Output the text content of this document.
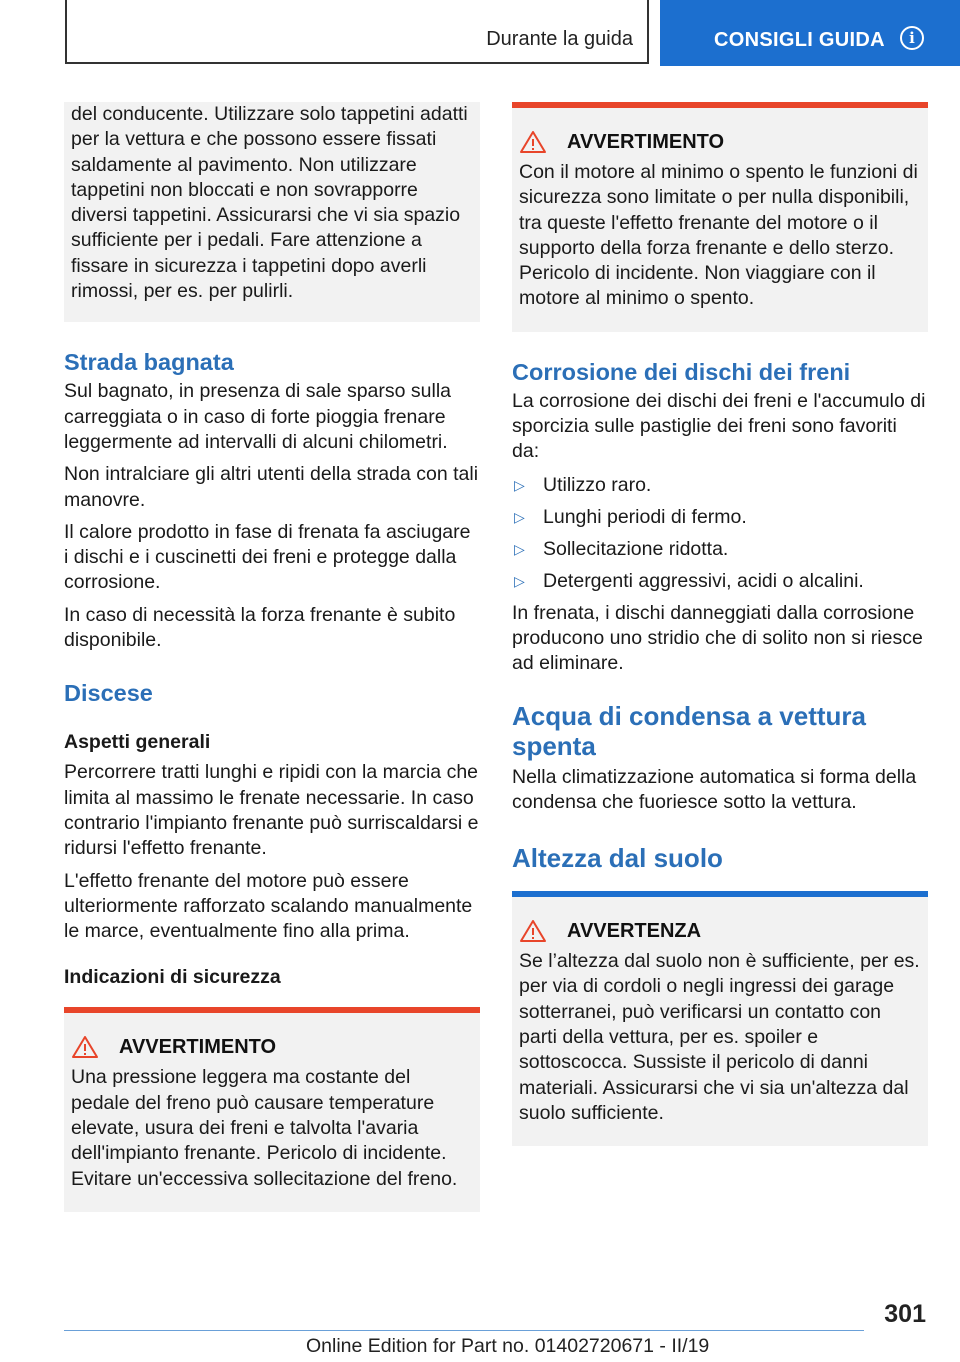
Durante la guida	CONSIGLI GUIDA	i

del conducente. Utilizzare solo tappetini adatti per la vettura e che possono essere fissati saldamente al pavimento. Non utilizzare tappetini non bloccati e non sovrapporre diversi tappetini. Assicurarsi che vi sia spazio sufficiente per i pedali. Fare attenzione a fissare in sicurezza i tappetini dopo averli rimossi, per es. per pulirli.

Strada bagnata

Sul bagnato, in presenza di sale sparso sulla carreggiata o in caso di forte pioggia frenare leggermente ad intervalli di alcuni chilometri.

Non intralciare gli altri utenti della strada con tali manovre.

Il calore prodotto in fase di frenata fa asciugare i dischi e i cuscinetti dei freni e protegge dalla corrosione.

In caso di necessità la forza frenante è subito disponibile.

Discese
Aspetti generali

Percorrere tratti lunghi e ripidi con la marcia che limita al massimo le frenate necessarie. In caso contrario l'impianto frenante può surriscaldarsi e ridursi l'effetto frenante.

L'effetto frenante del motore può essere ulteriormente rafforzato scalando manualmente le marce, eventualmente fino alla prima.

Indicazioni di sicurezza
AVVERTIMENTO

Una pressione leggera ma costante del pedale del freno può causare temperature elevate, usura dei freni e talvolta l'avaria dell'impianto frenante. Pericolo di incidente. Evitare un'eccessiva sollecitazione del freno.

AVVERTIMENTO

Con il motore al minimo o spento le funzioni di sicurezza sono limitate o per nulla disponibili, tra queste l'effetto frenante del motore o il supporto della forza frenante e dello sterzo. Pericolo di incidente. Non viaggiare con il motore al minimo o spento.

Corrosione dei dischi dei freni

La corrosione dei dischi dei freni e l'accumulo di sporcizia sulle pastiglie dei freni sono favoriti da:

▷ Utilizzo raro.
▷ Lunghi periodi di fermo.
▷ Sollecitazione ridotta.
▷ Detergenti aggressivi, acidi o alcalini.

In frenata, i dischi danneggiati dalla corrosione producono uno stridio che di solito non si riesce ad eliminare.

Acqua di condensa a vettura spenta

Nella climatizzazione automatica si forma della condensa che fuoriesce sotto la vettura.

Altezza dal suolo
AVVERTENZA

Se l’altezza dal suolo non è sufficiente, per es. per via di cordoli o negli ingressi dei garage sotterranei, può verificarsi un contatto con parti della vettura, per es. spoiler e sottoscocca. Sussiste il pericolo di danni materiali. Assicurarsi che vi sia un'altezza dal suolo sufficiente.

301
Online Edition for Part no. 01402720671 - II/19
